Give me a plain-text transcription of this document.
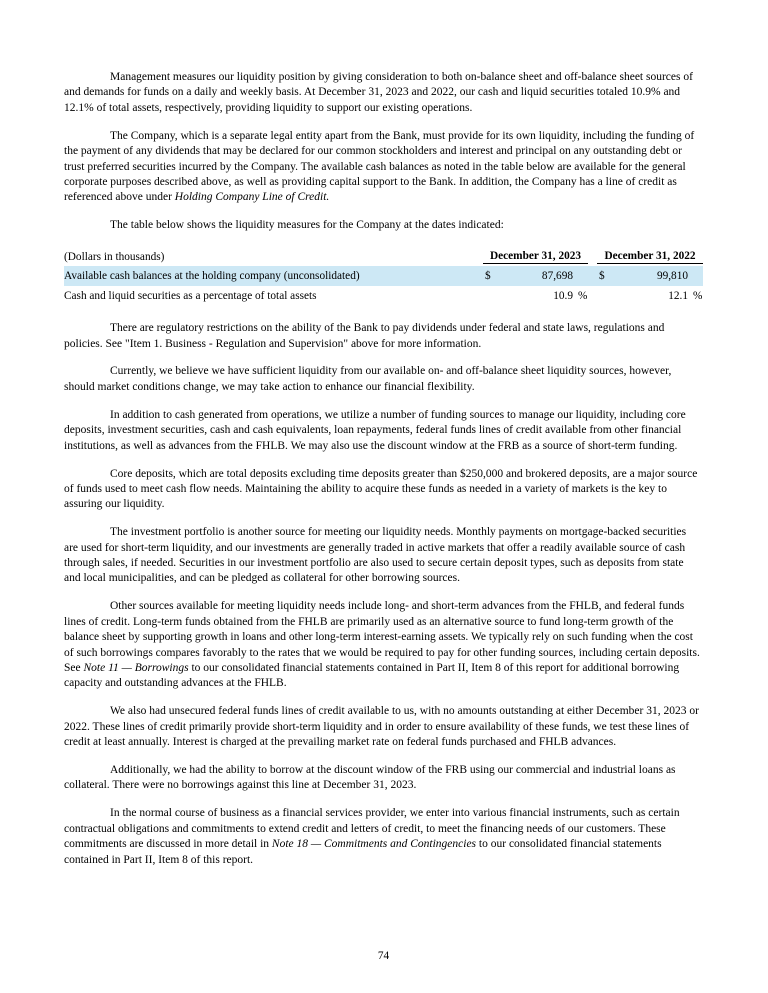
Management measures our liquidity position by giving consideration to both on-balance sheet and off-balance sheet sources of and demands for funds on a daily and weekly basis. At December 31, 2023 and 2022, our cash and liquid securities totaled 10.9% and 12.1% of total assets, respectively, providing liquidity to support our existing operations.

The Company, which is a separate legal entity apart from the Bank, must provide for its own liquidity, including the funding of the payment of any dividends that may be declared for our common stockholders and interest and principal on any outstanding debt or trust preferred securities incurred by the Company. The available cash balances as noted in the table below are available for the general corporate purposes described above, as well as providing capital support to the Bank. In addition, the Company has a line of credit as referenced above under Holding Company Line of Credit.

The table below shows the liquidity measures for the Company at the dates indicated:

(Dollars in thousands)	December 31, 2023				December 31, 2022		

Available cash balances at the holding company (unconsolidated)	$	87,698			$	99,810	
Cash and liquid securities as a percentage of total assets		10.9	%			12.1	%

There are regulatory restrictions on the ability of the Bank to pay dividends under federal and state laws, regulations and policies. See "Item 1. Business - Regulation and Supervision" above for more information.

Currently, we believe we have sufficient liquidity from our available on- and off-balance sheet liquidity sources, however, should market conditions change, we may take action to enhance our financial flexibility.

In addition to cash generated from operations, we utilize a number of funding sources to manage our liquidity, including core deposits, investment securities, cash and cash equivalents, loan repayments, federal funds lines of credit available from other financial institutions, as well as advances from the FHLB. We may also use the discount window at the FRB as a source of short-term funding.

Core deposits, which are total deposits excluding time deposits greater than $250,000 and brokered deposits, are a major source of funds used to meet cash flow needs. Maintaining the ability to acquire these funds as needed in a variety of markets is the key to assuring our liquidity.

The investment portfolio is another source for meeting our liquidity needs. Monthly payments on mortgage-backed securities are used for short-term liquidity, and our investments are generally traded in active markets that offer a readily available source of cash through sales, if needed. Securities in our investment portfolio are also used to secure certain deposit types, such as deposits from state and local municipalities, and can be pledged as collateral for other borrowing sources.

Other sources available for meeting liquidity needs include long- and short-term advances from the FHLB, and federal funds lines of credit. Long-term funds obtained from the FHLB are primarily used as an alternative source to fund long-term growth of the balance sheet by supporting growth in loans and other long-term interest-earning assets. We typically rely on such funding when the cost of such borrowings compares favorably to the rates that we would be required to pay for other funding sources, including certain deposits. See Note 11 — Borrowings to our consolidated financial statements contained in Part II, Item 8 of this report for additional borrowing capacity and outstanding advances at the FHLB.

We also had unsecured federal funds lines of credit available to us, with no amounts outstanding at either December 31, 2023 or 2022. These lines of credit primarily provide short-term liquidity and in order to ensure availability of these funds, we test these lines of credit at least annually. Interest is charged at the prevailing market rate on federal funds purchased and FHLB advances.

Additionally, we had the ability to borrow at the discount window of the FRB using our commercial and industrial loans as collateral. There were no borrowings against this line at December 31, 2023.

In the normal course of business as a financial services provider, we enter into various financial instruments, such as certain contractual obligations and commitments to extend credit and letters of credit, to meet the financing needs of our customers. These commitments are discussed in more detail in Note 18 — Commitments and Contingencies to our consolidated financial statements contained in Part II, Item 8 of this report.

74
